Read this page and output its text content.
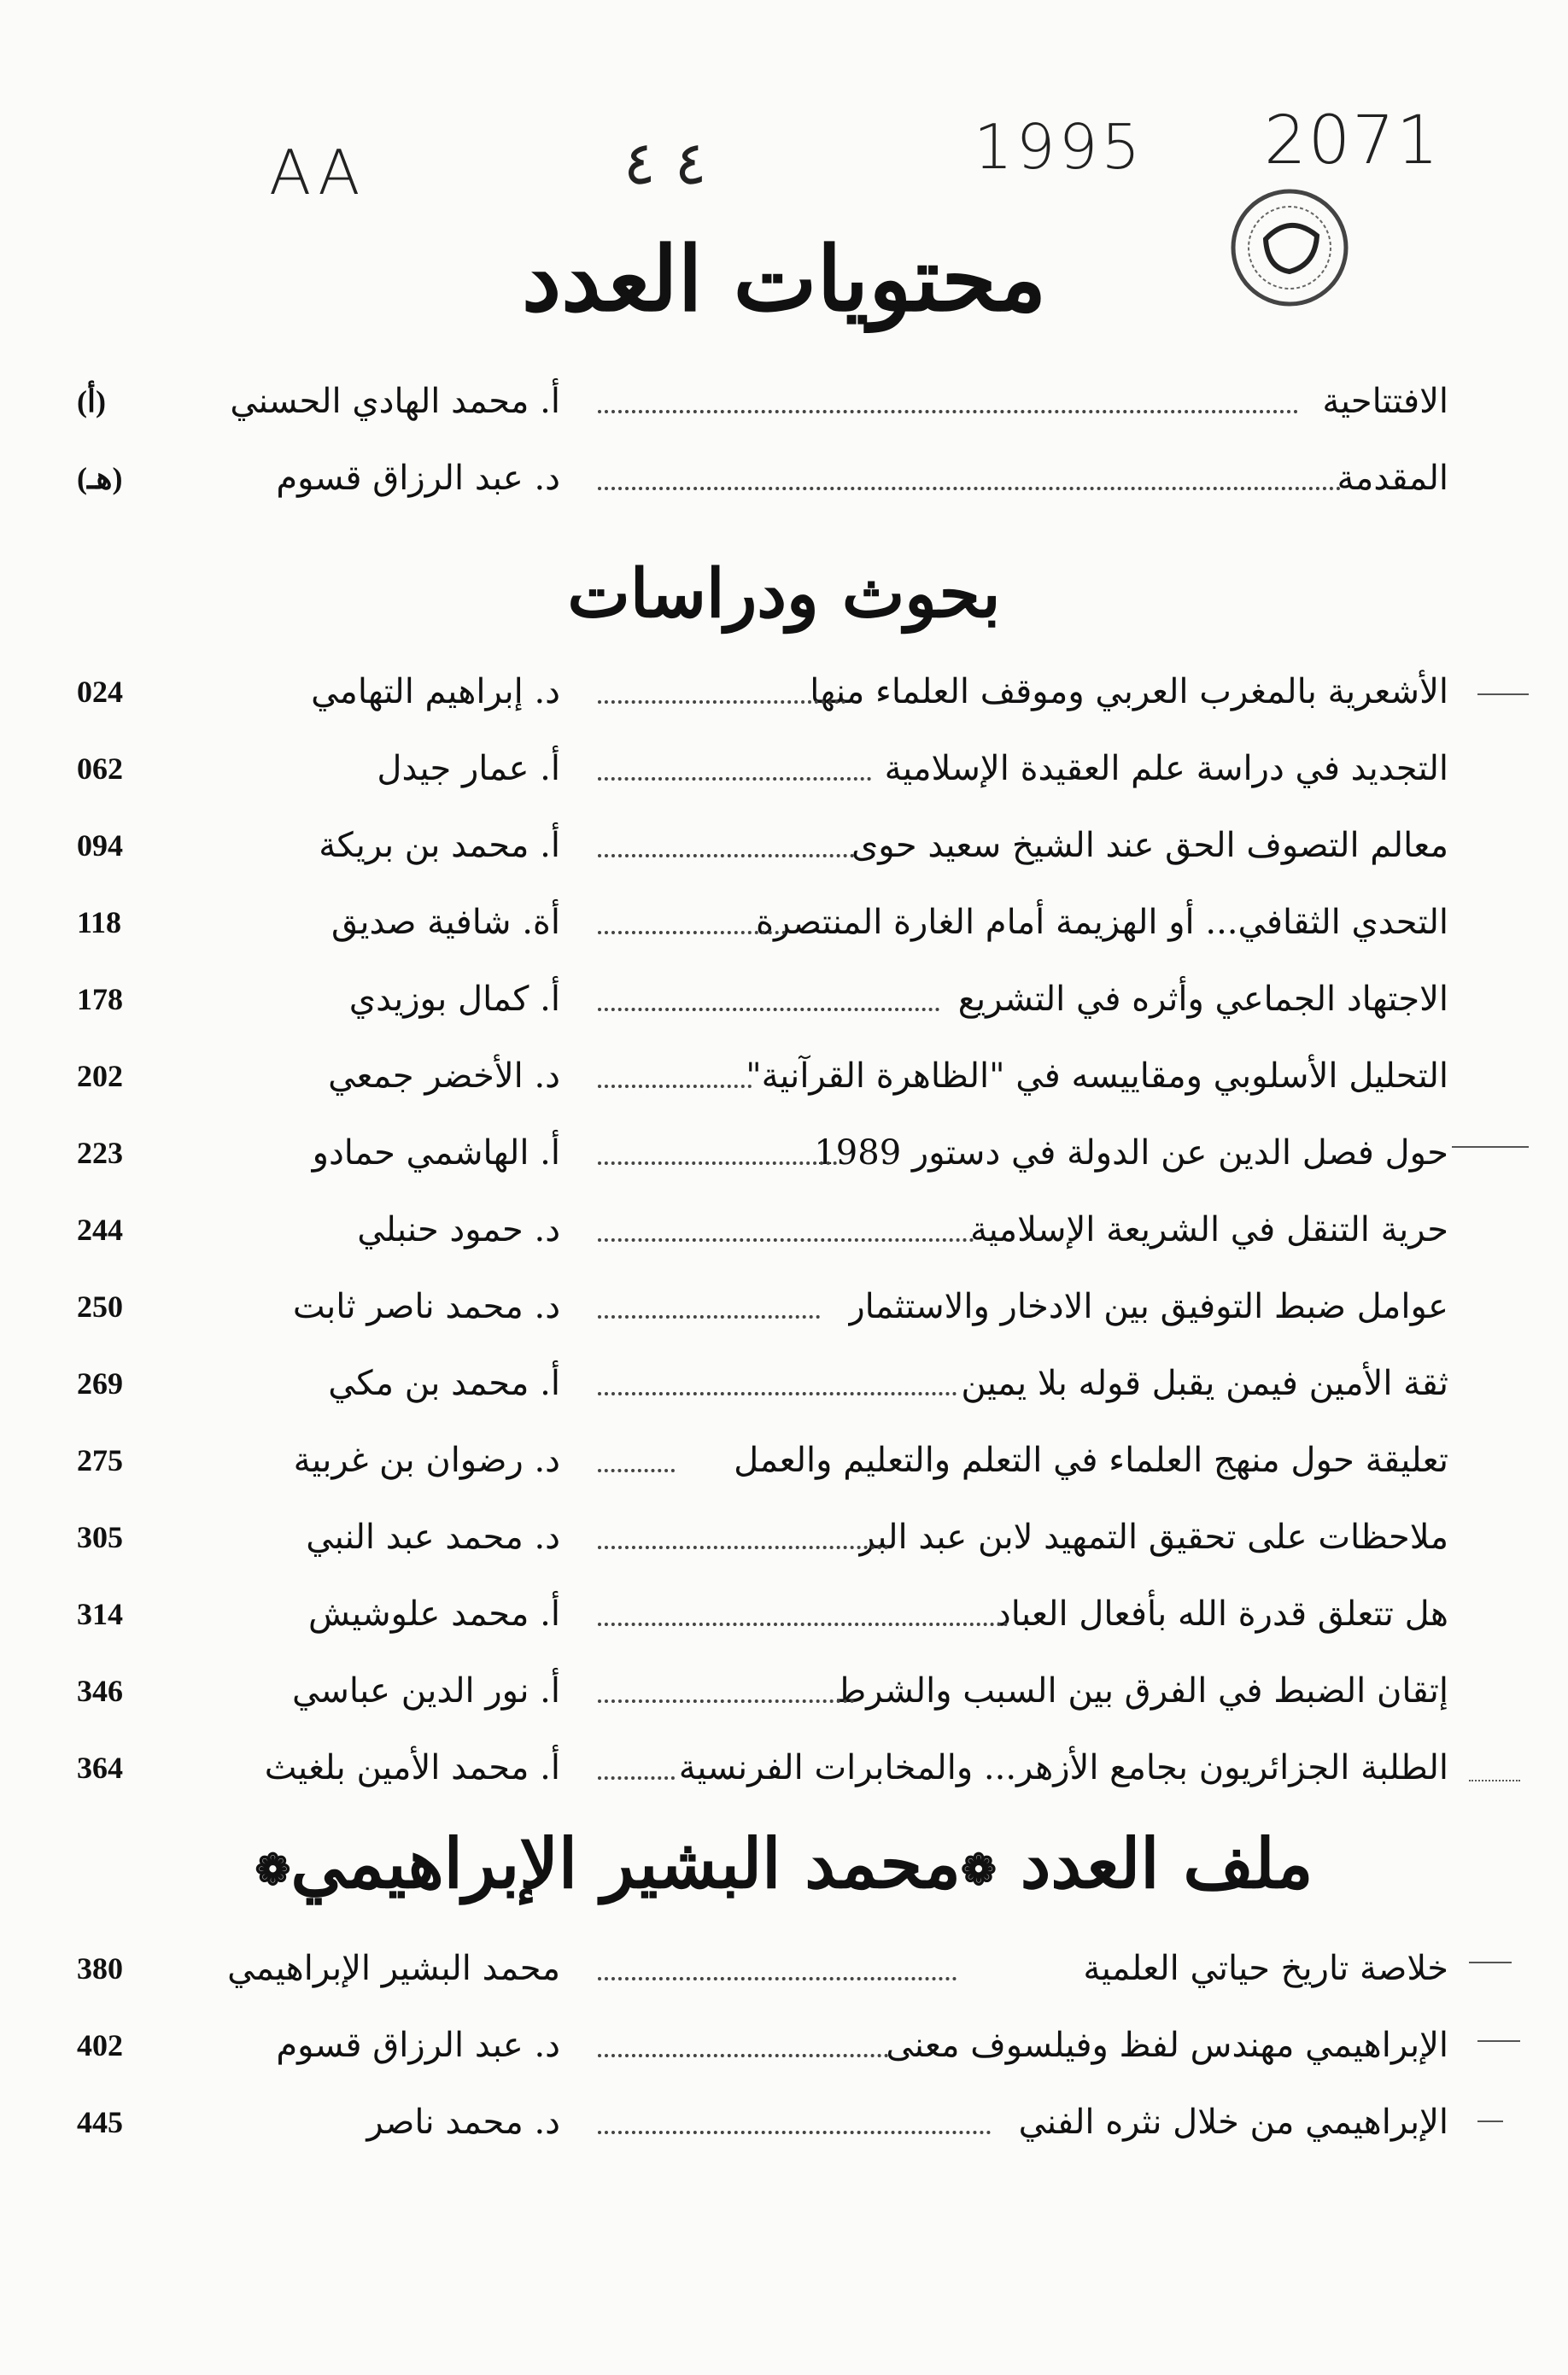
2071
1995
٤ ٤
AA
محتويات العدد
الافتتاحية
أ. محمد الهادي الحسني
(أ)
المقدمة
د. عبد الرزاق قسوم
(هـ)
بحوث ودراسات
الأشعرية بالمغرب العربي وموقف العلماء منها
د. إبراهيم التهامي
024
التجديد في دراسة علم العقيدة الإسلامية
أ. عمار جيدل
062
معالم التصوف الحق عند الشيخ سعيد حوى
أ. محمد بن بريكة
094
التحدي الثقافي... أو الهزيمة أمام الغارة المنتصرة
أة. شافية صديق
118
الاجتهاد الجماعي وأثره في التشريع
أ. كمال بوزيدي
178
التحليل الأسلوبي ومقاييسه في "الظاهرة القرآنية"
د. الأخضر جمعي
202
حول فصل الدين عن الدولة في دستور 1989
أ. الهاشمي حمادو
223
حرية التنقل في الشريعة الإسلامية
د. حمود حنبلي
244
عوامل ضبط التوفيق بين الادخار والاستثمار
د. محمد ناصر ثابت
250
ثقة الأمين فيمن يقبل قوله بلا يمين
أ. محمد بن مكي
269
تعليقة حول منهج العلماء في التعلم والتعليم والعمل
د. رضوان بن غربية
275
ملاحظات على تحقيق التمهيد لابن عبد البر
د. محمد عبد النبي
305
هل تتعلق قدرة الله بأفعال العباد
أ. محمد علوشيش
314
إتقان الضبط في الفرق بين السبب والشرط
أ. نور الدين عباسي
346
الطلبة الجزائريون بجامع الأزهر... والمخابرات الفرنسية
أ. محمد الأمين بلغيث
364
ملف العدد ❁محمد البشير الإبراهيمي❁
خلاصة تاريخ حياتي العلمية
محمد البشير الإبراهيمي
380
الإبراهيمي مهندس لفظ وفيلسوف معنى
د. عبد الرزاق قسوم
402
الإبراهيمي من خلال نثره الفني
د. محمد ناصر
445
